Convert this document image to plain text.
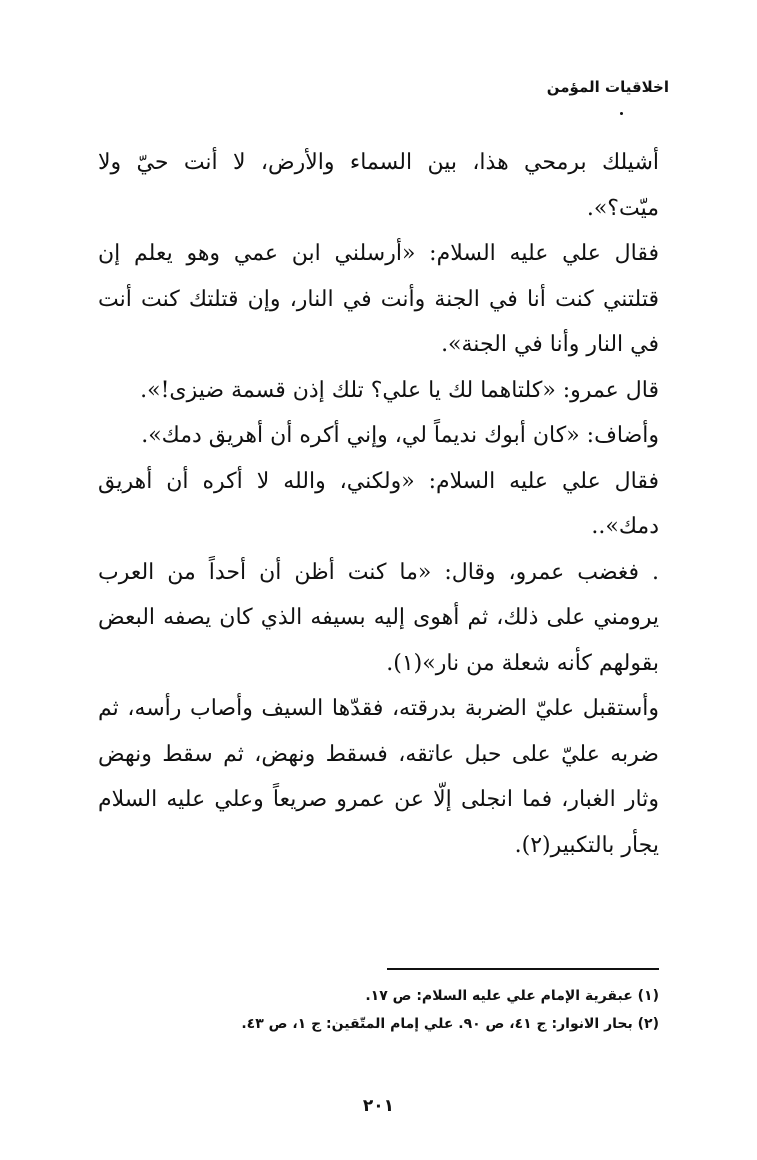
اخلاقيات المؤمن

أشيلك برمحي هذا، بين السماء والأرض، لا أنت حيّ ولا ميّت؟».

فقال علي عليه السلام: «أرسلني ابن عمي وهو يعلم إن قتلتني كنت أنا في الجنة وأنت في النار، وإن قتلتك كنت أنت في النار وأنا في الجنة».

قال عمرو: «كلتاهما لك يا علي؟ تلك إذن قسمة ضيزى!».

وأضاف: «كان أبوك نديماً لي، وإني أكره أن أهريق دمك».

فقال علي عليه السلام: «ولكني، والله لا أكره أن أهريق دمك»..

. فغضب عمرو، وقال: «ما كنت أظن أن أحداً من العرب يرومني على ذلك، ثم أهوى إليه بسيفه الذي كان يصفه البعض بقولهم كأنه شعلة من نار»(١).

وأستقبل عليّ الضربة بدرقته، فقدّها السيف وأصاب رأسه، ثم ضربه عليّ على حبل عاتقه، فسقط ونهض، ثم سقط ونهض وثار الغبار، فما انجلى إلّا عن عمرو صريعاً وعلي عليه السلام يجأر بالتكبير(٢).

(١) عبقرية الإمام علي عليه السلام: ص ١٧.

(٢) بحار الانوار: ج ٤١، ص ٩٠. علي إمام المتّقين: ج ١، ص ٤٣.

٢٠١
